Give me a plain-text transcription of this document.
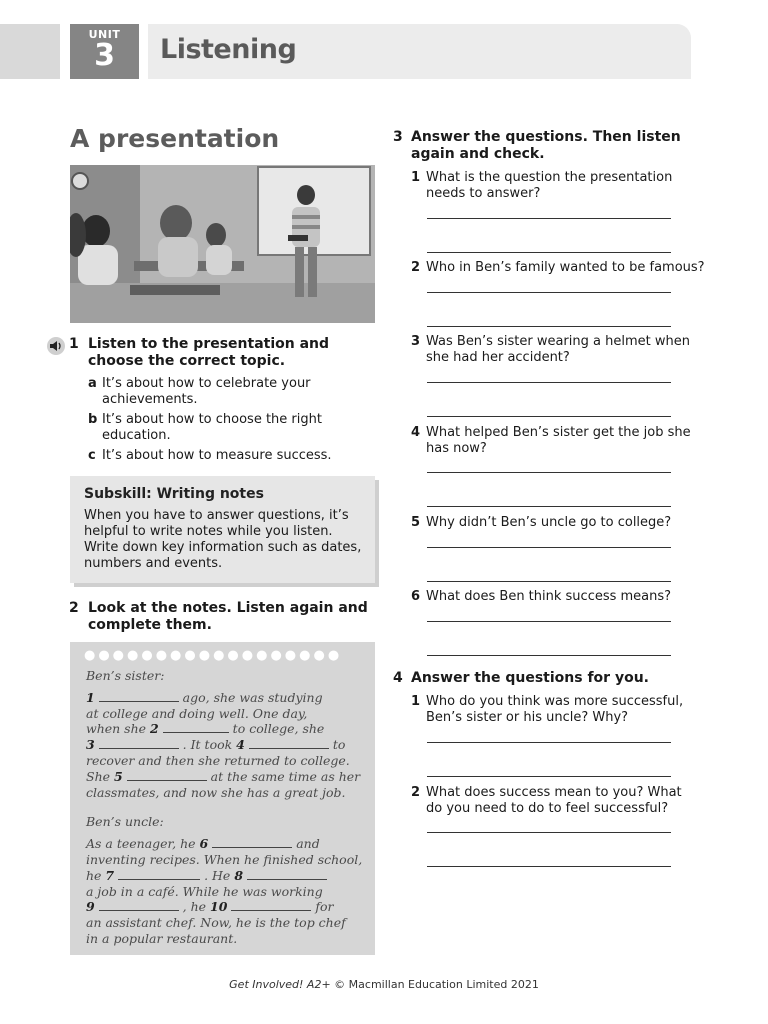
UNIT
3	Listening
A presentation
1 Listen to the presentation and choose the correct topic.
a It’s about how to celebrate your achievements.
b It’s about how to choose the right education.
c It’s about how to measure success.
Subskill: Writing notes
When you have to answer questions, it’s helpful to write notes while you listen. Write down key information such as dates, numbers and events.
2 Look at the notes. Listen again and complete them.
●●●●●●●●●●●●●●●●●●
Ben’s sister:
1	ago, she was studying
at college and doing well. One day,
when she 2	to college, she
3	. It took 4	to
recover and then she returned to college.
She 5	at the same time as her
classmates, and now she has a great job.
Ben’s uncle:
As a teenager, he 6	and
inventing recipes. When he finished school,
he 7	. He 8
a job in a café. While he was working
9	, he 10	for
an assistant chef. Now, he is the top chef
in a popular restaurant.
3 Answer the questions. Then listen again and check.
1 What is the question the presentation needs to answer?
2 Who in Ben’s family wanted to be famous?
3 Was Ben’s sister wearing a helmet when she had her accident?
4 What helped Ben’s sister get the job she has now?
5 Why didn’t Ben’s uncle go to college?
6 What does Ben think success means?
4 Answer the questions for you.
1 Who do you think was more successful, Ben’s sister or his uncle? Why?
2 What does success mean to you? What do you need to do to feel successful?
Get Involved! A2+ © Macmillan Education Limited 2021
